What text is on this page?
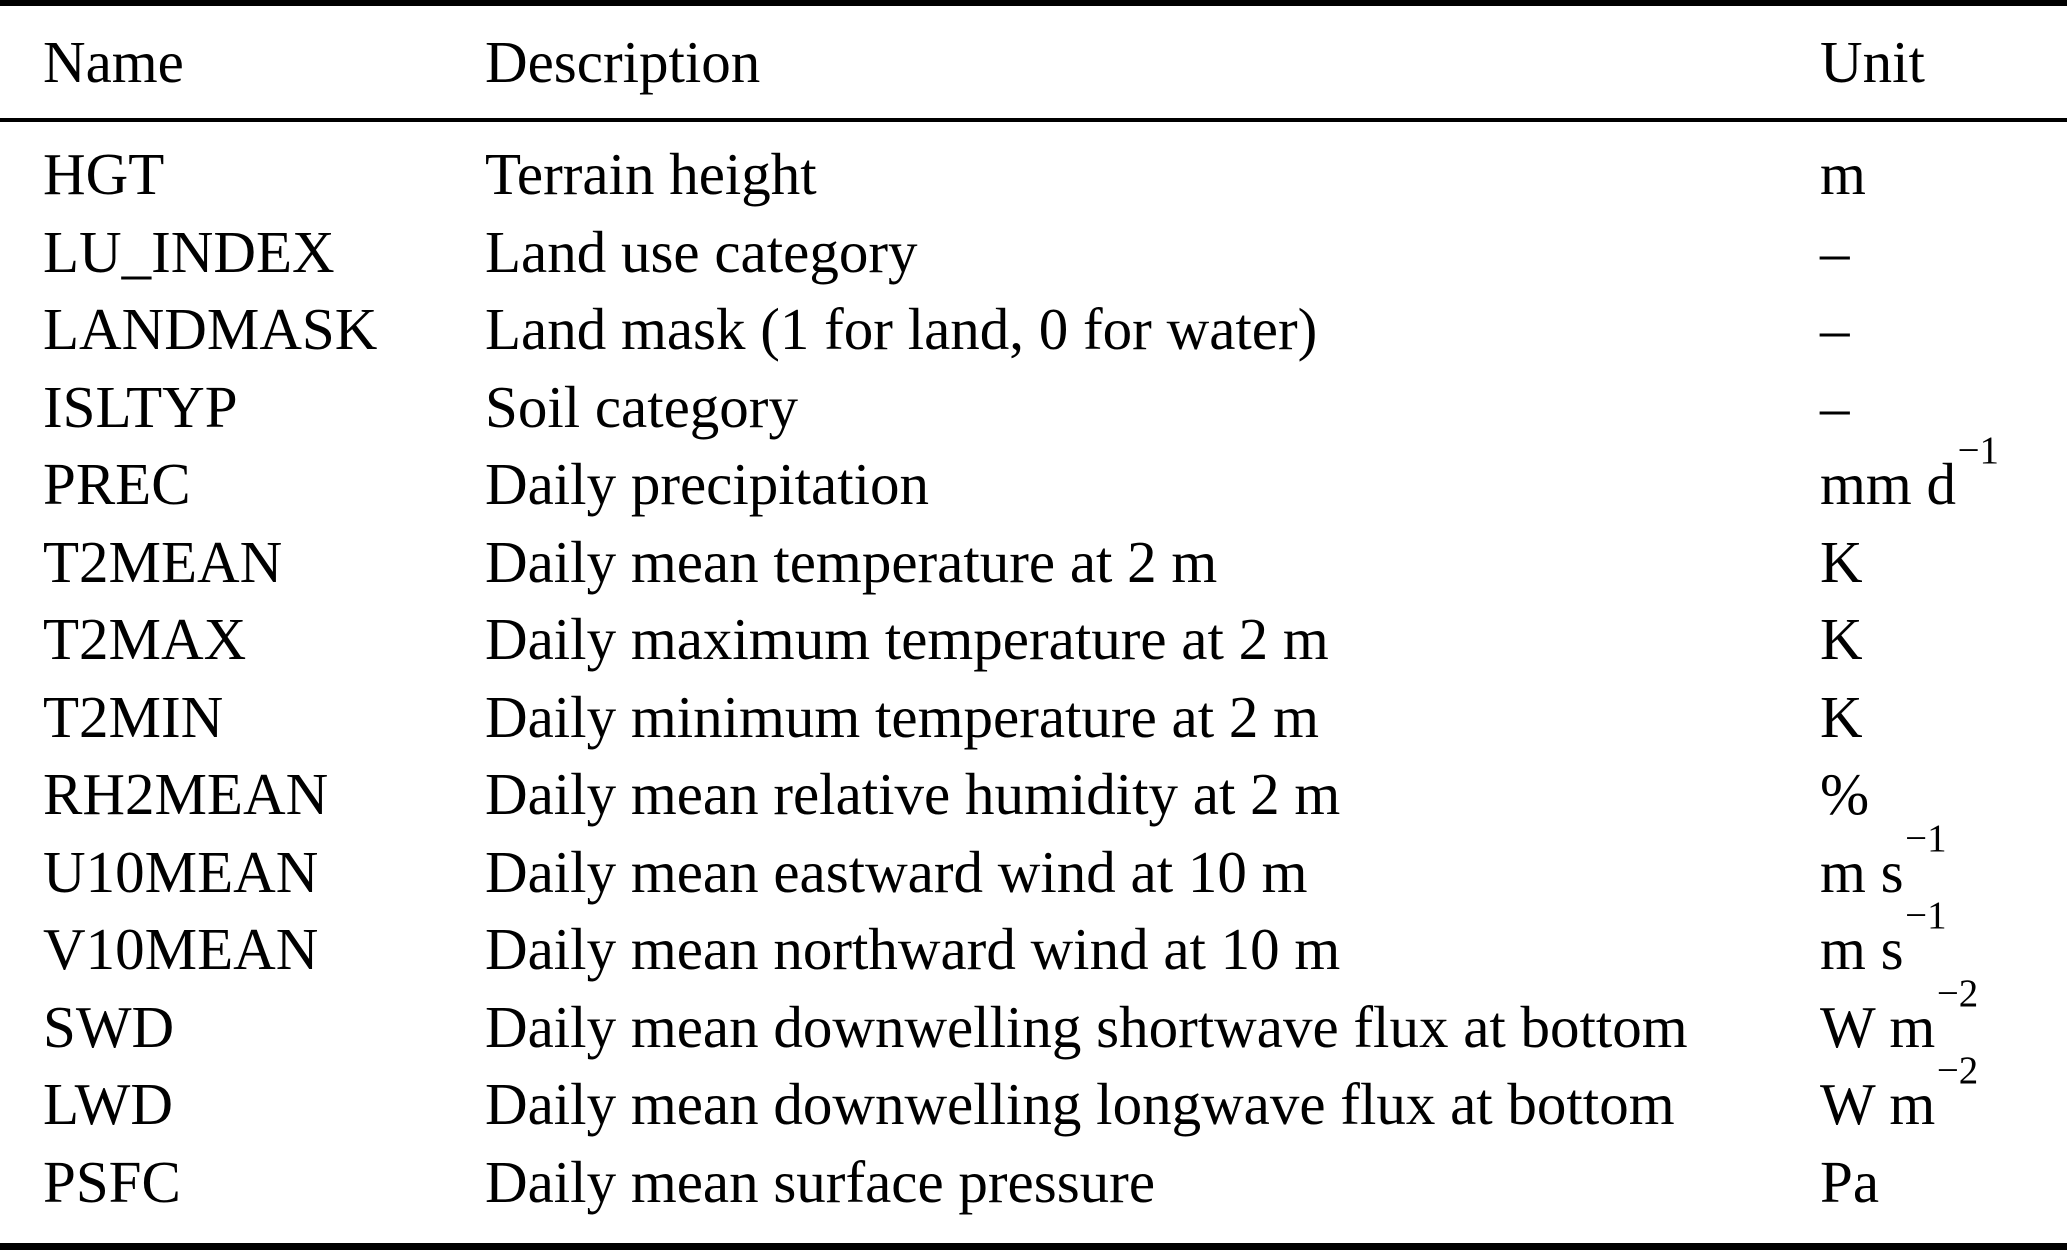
Name	Description	Unit
HGT	Terrain height	m
LU_INDEX	Land use category	–
LANDMASK	Land mask (1 for land, 0 for water)	–
ISLTYP	Soil category	–
PREC	Daily precipitation	mm $d^{-1}$
T2MEAN	Daily mean temperature at 2 m	K
T2MAX	Daily maximum temperature at 2 m	K
T2MIN	Daily minimum temperature at 2 m	K
RH2MEAN	Daily mean relative humidity at 2 m	%
U10MEAN	Daily mean eastward wind at 10 m	m $s^{-1}$
V10MEAN	Daily mean northward wind at 10 m	m $s^{-1}$
SWD	Daily mean downwelling shortwave flux at bottom	W $m^{-2}$
LWD	Daily mean downwelling longwave flux at bottom	W $m^{-2}$
PSFC	Daily mean surface pressure	Pa
